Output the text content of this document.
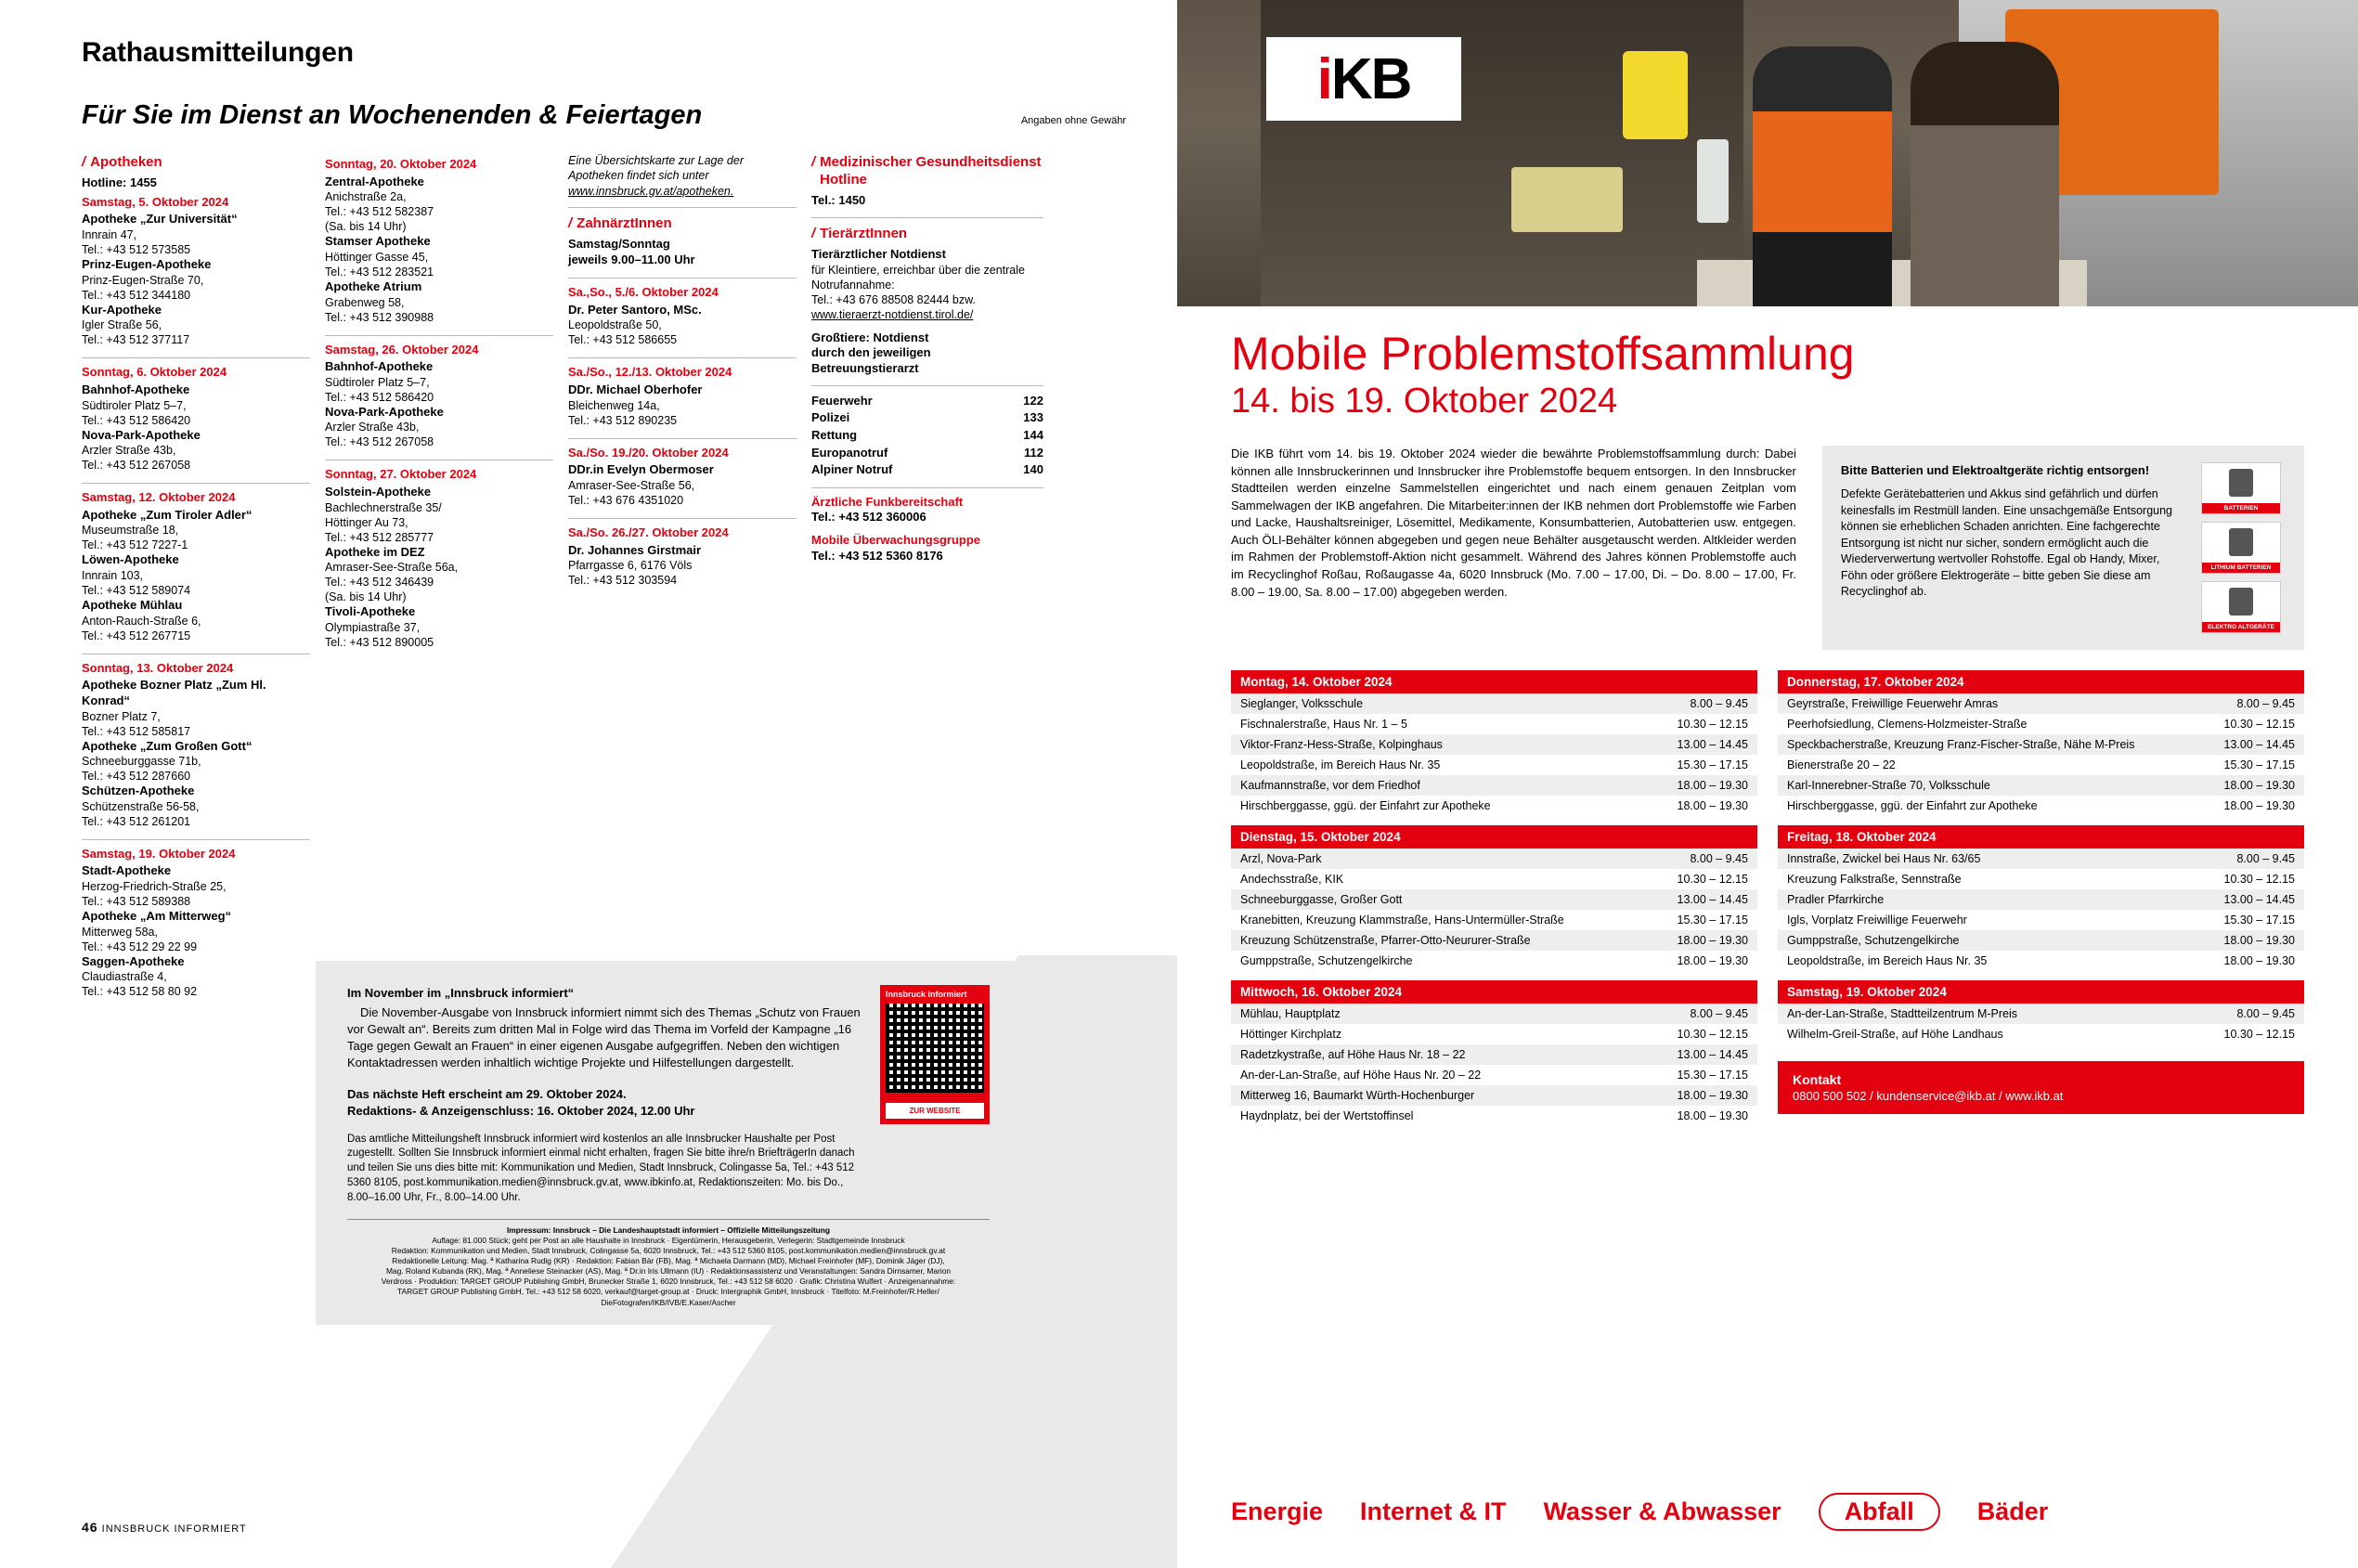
Rathausmitteilungen
Für Sie im Dienst an Wochenenden & Feiertagen	Angaben ohne Gewähr
/ Apotheken
Hotline: 1455
Samstag, 5. Oktober 2024
Apotheke „Zur Universität“
Innrain 47,
Tel.: +43 512 573585
Prinz-Eugen-Apotheke
Prinz-Eugen-Straße 70,
Tel.: +43 512 344180
Kur-Apotheke
Igler Straße 56,
Tel.: +43 512 377117
Sonntag, 6. Oktober 2024
Bahnhof-Apotheke
Südtiroler Platz 5–7,
Tel.: +43 512 586420
Nova-Park-Apotheke
Arzler Straße 43b,
Tel.: +43 512 267058
Samstag, 12. Oktober 2024
Apotheke „Zum Tiroler Adler“
Museumstraße 18,
Tel.: +43 512 7227-1
Löwen-Apotheke
Innrain 103,
Tel.: +43 512 589074
Apotheke Mühlau
Anton-Rauch-Straße 6,
Tel.: +43 512 267715
Sonntag, 13. Oktober 2024
Apotheke Bozner Platz „Zum Hl. Konrad“
Bozner Platz 7,
Tel.: +43 512 585817
Apotheke „Zum Großen Gott“
Schneeburggasse 71b,
Tel.: +43 512 287660
Schützen-Apotheke
Schützenstraße 56-58,
Tel.: +43 512 261201
Samstag, 19. Oktober 2024
Stadt-Apotheke
Herzog-Friedrich-Straße 25,
Tel.: +43 512 589388
Apotheke „Am Mitterweg“
Mitterweg 58a,
Tel.: +43 512 29 22 99
Saggen-Apotheke
Claudiastraße 4,
Tel.: +43 512 58 80 92
Sonntag, 20. Oktober 2024
Zentral-Apotheke
Anichstraße 2a,
Tel.: +43 512 582387
(Sa. bis 14 Uhr)
Stamser Apotheke
Höttinger Gasse 45,
Tel.: +43 512 283521
Apotheke Atrium
Grabenweg 58,
Tel.: +43 512 390988
Samstag, 26. Oktober 2024
Bahnhof-Apotheke
Südtiroler Platz 5–7,
Tel.: +43 512 586420
Nova-Park-Apotheke
Arzler Straße 43b,
Tel.: +43 512 267058
Sonntag, 27. Oktober 2024
Solstein-Apotheke
Bachlechnerstraße 35/
Höttinger Au 73,
Tel.: +43 512 285777
Apotheke im DEZ
Amraser-See-Straße 56a,
Tel.: +43 512 346439
(Sa. bis 14 Uhr)
Tivoli-Apotheke
Olympiastraße 37,
Tel.: +43 512 890005
Eine Übersichtskarte zur Lage der Apotheken findet sich unter www.innsbruck.gv.at/apotheken.
/ ZahnärztInnen
Samstag/Sonntag
jeweils 9.00–11.00 Uhr
Sa.,So., 5./6. Oktober 2024
Dr. Peter Santoro, MSc.
Leopoldstraße 50,
Tel.: +43 512 586655
Sa./So., 12./13. Oktober 2024
DDr. Michael Oberhofer
Bleichenweg 14a,
Tel.: +43 512 890235
Sa./So. 19./20. Oktober 2024
DDr.in Evelyn Obermoser
Amraser-See-Straße 56,
Tel.: +43 676 4351020
Sa./So. 26./27. Oktober 2024
Dr. Johannes Girstmair
Pfarrgasse 6, 6176 Völs
Tel.: +43 512 303594
/ Medizinischer Gesundheitsdienst Hotline
Tel.: 1450
/ TierärztInnen
Tierärztlicher Notdienst
für Kleintiere, erreichbar über die zentrale Notrufannahme:
Tel.: +43 676 88508 82444 bzw.
www.tieraerzt-notdienst.tirol.de/
Großtiere: Notdienst
durch den jeweiligen
Betreuungstierarzt
Feuerwehr	122
Polizei	133
Rettung	144
Europanotruf	112
Alpiner Notruf	140
Ärztliche Funkbereitschaft
Tel.: +43 512 360006
Mobile Überwachungsgruppe
Tel.: +43 512 5360 8176
Im November im „Innsbruck informiert“
Die November-Ausgabe von Innsbruck informiert nimmt sich des Themas „Schutz von Frauen vor Gewalt an“. Bereits zum dritten Mal in Folge wird das Thema im Vorfeld der Kampagne „16 Tage gegen Gewalt an Frauen“ in einer eigenen Ausgabe aufgegriffen. Neben den wichtigen Kontaktadressen werden inhaltlich wichtige Projekte und Hilfestellungen dargestellt.
Das nächste Heft erscheint am 29. Oktober 2024.
Redaktions- & Anzeigenschluss: 16. Oktober 2024, 12.00 Uhr
Das amtliche Mitteilungsheft Innsbruck informiert wird kostenlos an alle Innsbrucker Haushalte per Post zugestellt. Sollten Sie Innsbruck informiert einmal nicht erhalten, fragen Sie bitte ihre/n BriefträgerIn danach und teilen Sie uns dies bitte mit: Kommunikation und Medien, Stadt Innsbruck, Colingasse 5a, Tel.: +43 512 5360 8105, post.kommunikation.medien@innsbruck.gv.at, www.ibkinfo.at, Redaktionszeiten: Mo. bis Do., 8.00–16.00 Uhr, Fr., 8.00–14.00 Uhr.
Innsbruck informiert
ZUR WEBSITE
Impressum: Innsbruck – Die Landeshauptstadt informiert – Offizielle Mitteilungszeitung
Auflage: 81.000 Stück; geht per Post an alle Haushalte in Innsbruck · Eigentümerin, Herausgeberin, Verlegerin: Stadtgemeinde Innsbruck
Redaktion: Kommunikation und Medien, Stadt Innsbruck, Colingasse 5a, 6020 Innsbruck, Tel.: +43 512 5360 8105, post.kommunikation.medien@innsbruck.gv.at
Redaktionelle Leitung: Mag. ª Katharina Rudig (KR) · Redaktion: Fabian Bär (FB), Mag. ª Michaela Darmann (MD), Michael Freinhofer (MF), Dominik Jäger (DJ),
Mag. Roland Kubanda (RK), Mag. ª Anneliese Steinacker (AS), Mag. ª Dr.in Iris Ullmann (IU) · Redaktionsassistenz und Veranstaltungen: Sandra Dirnsamer, Marion
Verdross · Produktion: TARGET GROUP Publishing GmbH, Brunecker Straße 1, 6020 Innsbruck, Tel.: +43 512 58 6020 · Grafik: Christina Wulfert · Anzeigenannahme:
TARGET GROUP Publishing GmbH, Tel.: +43 512 58 6020, verkauf@target-group.at · Druck: Intergraphik GmbH, Innsbruck · Titelfoto: M.Freinhofer/R.Heller/
DieFotografen/IKB/IVB/E.Kaser/Ascher
46 INNSBRUCK INFORMIERT
iKB
Mobile Problemstoffsammlung
14. bis 19. Oktober 2024
Die IKB führt vom 14. bis 19. Oktober 2024 wieder die bewährte Problemstoffsammlung durch: Dabei können alle Innsbruckerinnen und Innsbrucker ihre Problemstoffe bequem entsorgen. In den Innsbrucker Stadtteilen werden einzelne Sammelstellen eingerichtet und nach einem genauen Zeitplan vom Sammelwagen der IKB angefahren. Die Mitarbeiter:innen der IKB nehmen dort Problemstoffe wie Farben und Lacke, Haushaltsreiniger, Lösemittel, Medikamente, Konsumbatterien, Autobatterien usw. entgegen. Auch ÖLI-Behälter können abgegeben und gegen neue Behälter ausgetauscht werden. Altkleider werden im Rahmen der Problemstoff-Aktion nicht gesammelt. Während des Jahres können Problemstoffe auch im Recyclinghof Roßau, Roßaugasse 4a, 6020 Innsbruck (Mo. 7.00 – 17.00, Di. – Do. 8.00 – 17.00, Fr. 8.00 – 19.00, Sa. 8.00 – 17.00) abgegeben werden.
Bitte Batterien und Elektroaltgeräte richtig entsorgen!
Defekte Gerätebatterien und Akkus sind gefährlich und dürfen keinesfalls im Restmüll landen. Eine unsachgemäße Entsorgung können sie erheblichen Schaden anrichten. Eine fachgerechte Entsorgung ist nicht nur sicher, sondern ermöglicht auch die Wiederverwertung wertvoller Rohstoffe. Egal ob Handy, Mixer, Föhn oder größere Elektrogeräte – bitte geben Sie diese am Recyclinghof ab.
BATTERIEN
LITHIUM BATTERIEN
ELEKTRO ALTGERÄTE
Montag, 14. Oktober 2024
Sieglanger, Volksschule	8.00 – 9.45
Fischnalerstraße, Haus Nr. 1 – 5	10.30 – 12.15
Viktor-Franz-Hess-Straße, Kolpinghaus	13.00 – 14.45
Leopoldstraße, im Bereich Haus Nr. 35	15.30 – 17.15
Kaufmannstraße, vor dem Friedhof	18.00 – 19.30
Hirschberggasse, ggü. der Einfahrt zur Apotheke	18.00 – 19.30
Dienstag, 15. Oktober 2024
Arzl, Nova-Park	8.00 – 9.45
Andechsstraße, KIK	10.30 – 12.15
Schneeburggasse, Großer Gott	13.00 – 14.45
Kranebitten, Kreuzung Klammstraße, Hans-Untermüller-Straße	15.30 – 17.15
Kreuzung Schützenstraße, Pfarrer-Otto-Neururer-Straße	18.00 – 19.30
Gumppstraße, Schutzengelkirche	18.00 – 19.30
Mittwoch, 16. Oktober 2024
Mühlau, Hauptplatz	8.00 – 9.45
Höttinger Kirchplatz	10.30 – 12.15
Radetzkystraße, auf Höhe Haus Nr. 18 – 22	13.00 – 14.45
An-der-Lan-Straße, auf Höhe Haus Nr. 20 – 22	15.30 – 17.15
Mitterweg 16, Baumarkt Würth-Hochenburger	18.00 – 19.30
Haydnplatz, bei der Wertstoffinsel	18.00 – 19.30
Donnerstag, 17. Oktober 2024
Geyrstraße, Freiwillige Feuerwehr Amras	8.00 – 9.45
Peerhofsiedlung, Clemens-Holzmeister-Straße	10.30 – 12.15
Speckbacherstraße, Kreuzung Franz-Fischer-Straße, Nähe M-Preis	13.00 – 14.45
Bienerstraße 20 – 22	15.30 – 17.15
Karl-Innerebner-Straße 70, Volksschule	18.00 – 19.30
Hirschberggasse, ggü. der Einfahrt zur Apotheke	18.00 – 19.30
Freitag, 18. Oktober 2024
Innstraße, Zwickel bei Haus Nr. 63/65	8.00 – 9.45
Kreuzung Falkstraße, Sennstraße	10.30 – 12.15
Pradler Pfarrkirche	13.00 – 14.45
Igls, Vorplatz Freiwillige Feuerwehr	15.30 – 17.15
Gumppstraße, Schutzengelkirche	18.00 – 19.30
Leopoldstraße, im Bereich Haus Nr. 35	18.00 – 19.30
Samstag, 19. Oktober 2024
An-der-Lan-Straße, Stadtteilzentrum M-Preis	8.00 – 9.45
Wilhelm-Greil-Straße, auf Höhe Landhaus	10.30 – 12.15
Kontakt
0800 500 502 / kundenservice@ikb.at / www.ikb.at
Energie Internet & IT Wasser & Abwasser	Abfall	Bäder
